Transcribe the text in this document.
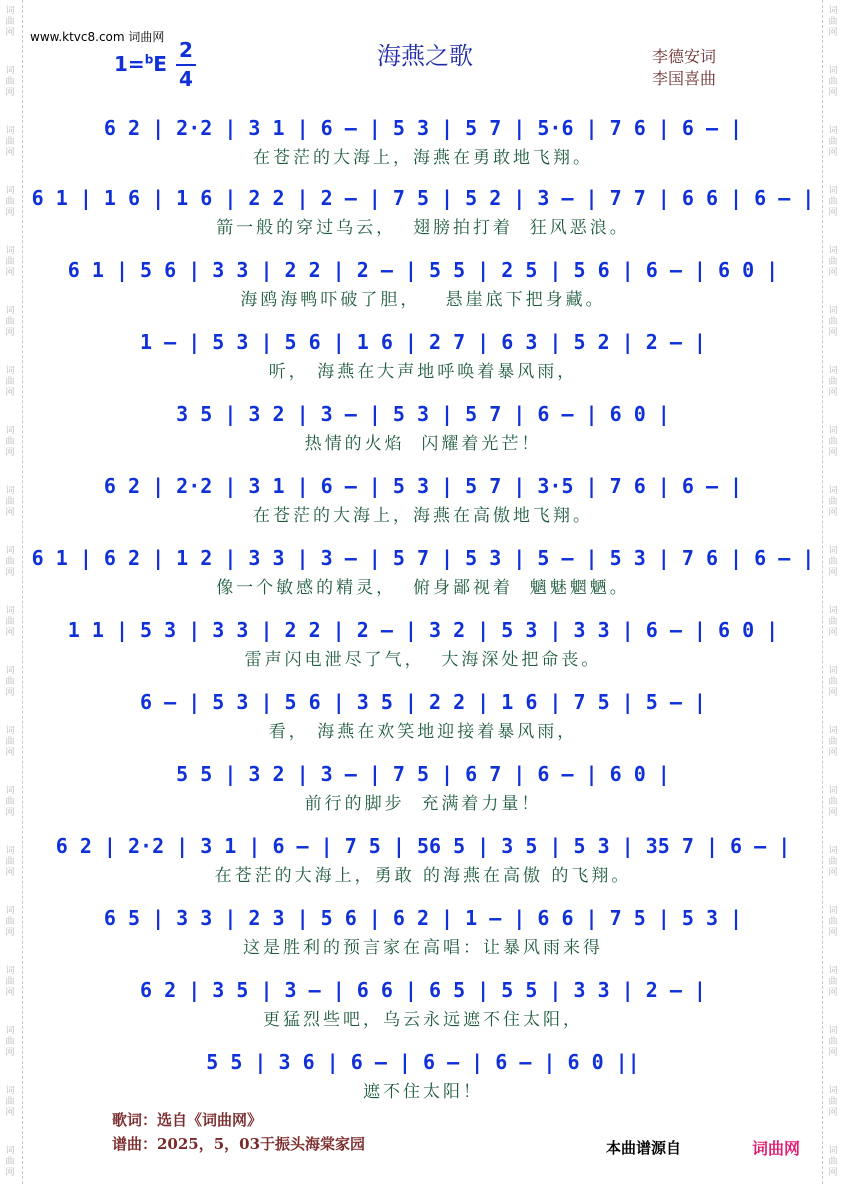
词曲网
词曲网
词曲网
词曲网
词曲网
词曲网
词曲网
词曲网
词曲网
词曲网
词曲网
词曲网
词曲网
词曲网
词曲网
词曲网
词曲网
词曲网
词曲网
词曲网
词曲网
词曲网
词曲网
词曲网
词曲网
词曲网
词曲网
词曲网
词曲网
词曲网
词曲网
词曲网
词曲网
词曲网
词曲网
词曲网
词曲网
词曲网
词曲网
词曲网
www.ktvc8.com 词曲网
海燕之歌
1=$^b$E
2
4
李德安词
李国喜曲
6 2 | 2·2 | 3 1 | 6 – | 5 3 | 5 7 | 5·6 | 7 6 | 6 – |
在苍茫的大海上，海燕在勇敢地飞翔。
6 1 | 1 6 | 1 6 | 2 2 | 2 – | 7 5 | 5 2 | 3 – | 7 7 | 6 6 | 6 – |
箭一般的穿过乌云，  翅膀拍打着  狂风恶浪。
6 1 | 5 6 | 3 3 | 2 2 | 2 – | 5 5 | 2 5 | 5 6 | 6 – | 6 0 |
海鸥海鸭吓破了胆，   悬崖底下把身藏。
1 – | 5 3 | 5 6 | 1 6 | 2 7 | 6 3 | 5 2 | 2 – |
听， 海燕在大声地呼唤着暴风雨，
3 5 | 3 2 | 3 – | 5 3 | 5 7 | 6 – | 6 0 |
热情的火焰  闪耀着光芒！
6 2 | 2·2 | 3 1 | 6 – | 5 3 | 5 7 | 3·5 | 7 6 | 6 – |
在苍茫的大海上，海燕在高傲地飞翔。
6 1 | 6 2 | 1 2 | 3 3 | 3 – | 5 7 | 5 3 | 5 – | 5 3 | 7 6 | 6 – |
像一个敏感的精灵，  俯身鄙视着  魑魅魍魉。
1 1 | 5 3 | 3 3 | 2 2 | 2 – | 3 2 | 5 3 | 3 3 | 6 – | 6 0 |
雷声闪电泄尽了气，  大海深处把命丧。
6 – | 5 3 | 5 6 | 3 5 | 2 2 | 1 6 | 7 5 | 5 – |
看， 海燕在欢笑地迎接着暴风雨，
5 5 | 3 2 | 3 – | 7 5 | 6 7 | 6 – | 6 0 |
前行的脚步  充满着力量！
6 2 | 2·2 | 3 1 | 6 – | 7 5 | 56 5 | 3 5 | 5 3 | 35 7 | 6 – |
在苍茫的大海上，勇敢 的海燕在高傲 的飞翔。
6 5 | 3 3 | 2 3 | 5 6 | 6 2 | 1 – | 6 6 | 7 5 | 5 3 |
这是胜利的预言家在高唱：让暴风雨来得
6 2 | 3 5 | 3 – | 6 6 | 6 5 | 5 5 | 3 3 | 2 – |
更猛烈些吧，乌云永远遮不住太阳，
5 5 | 3 6 | 6 – | 6 – | 6 – | 6 0 ||
遮不住太阳！
歌词：选自《词曲网》
谱曲：2025，5，03于振头海棠家园	本曲谱源自	词曲网
